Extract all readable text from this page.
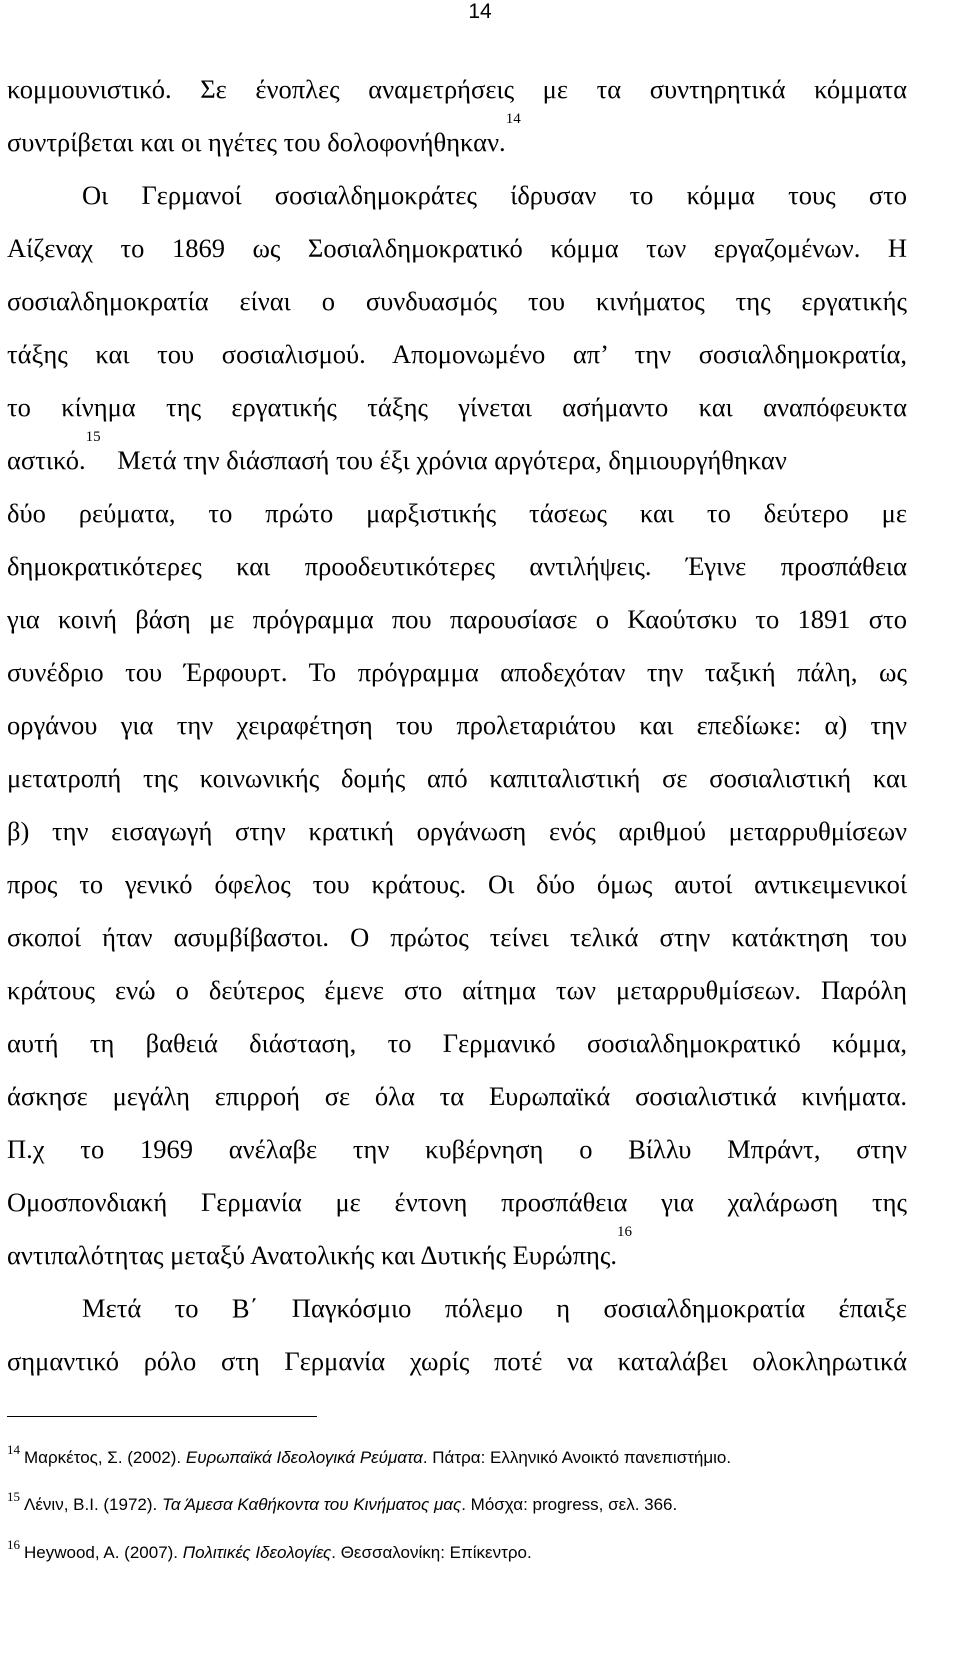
14
κομμουνιστικό. Σε ένοπλες αναμετρήσεις με τα συντηρητικά κόμματα
συντρίβεται και οι ηγέτες του δολοφονήθηκαν.$^{14}$
Οι Γερμανοί σοσιαλδημοκράτες ίδρυσαν το κόμμα τους στο
Αίζεναχ το 1869 ως Σοσιαλδημοκρατικό κόμμα των εργαζομένων. Η
σοσιαλδημοκρατία είναι ο συνδυασμός του κινήματος της εργατικής
τάξης και του σοσιαλισμού. Απομονωμένο απ’ την σοσιαλδημοκρατία,
το κίνημα της εργατικής τάξης γίνεται ασήμαντο και αναπόφευκτα
αστικό.$^{15}$ Μετά την διάσπασή του έξι χρόνια αργότερα, δημιουργήθηκαν
δύο ρεύματα, το πρώτο μαρξιστικής τάσεως και το δεύτερο με
δημοκρατικότερες και προοδευτικότερες αντιλήψεις. Έγινε προσπάθεια
για κοινή βάση με πρόγραμμα που παρουσίασε ο Καούτσκυ το 1891 στο
συνέδριο του Έρφουρτ. Το πρόγραμμα αποδεχόταν την ταξική πάλη, ως
οργάνου για την χειραφέτηση του προλεταριάτου και επεδίωκε: α) την
μετατροπή της κοινωνικής δομής από καπιταλιστική σε σοσιαλιστική και
β) την εισαγωγή στην κρατική οργάνωση ενός αριθμού μεταρρυθμίσεων
προς το γενικό όφελος του κράτους. Οι δύο όμως αυτοί αντικειμενικοί
σκοποί ήταν ασυμβίβαστοι. Ο πρώτος τείνει τελικά στην κατάκτηση του
κράτους ενώ ο δεύτερος έμενε στο αίτημα των μεταρρυθμίσεων. Παρόλη
αυτή τη βαθειά διάσταση, το Γερμανικό σοσιαλδημοκρατικό κόμμα,
άσκησε μεγάλη επιρροή σε όλα τα Ευρωπαϊκά σοσιαλιστικά κινήματα.
Π.χ το 1969 ανέλαβε την κυβέρνηση ο Βίλλυ Μπράντ, στην
Ομοσπονδιακή Γερμανία με έντονη προσπάθεια για χαλάρωση της
αντιπαλότητας μεταξύ Ανατολικής και Δυτικής Ευρώπης.$^{16}$
Μετά το Β΄ Παγκόσμιο πόλεμο η σοσιαλδημοκρατία έπαιξε
σημαντικό ρόλο στη Γερμανία χωρίς ποτέ να καταλάβει ολοκληρωτικά
$^{14}$ Μαρκέτος, Σ. (2002). Ευρωπαϊκά Ιδεολογικά Ρεύματα. Πάτρα: Ελληνικό Ανοικτό πανεπιστήμιο.
$^{15}$ Λένιν, Β.Ι. (1972). Τα Άμεσα Καθήκοντα του Κινήματος μας. Μόσχα: progress, σελ. 366.
$^{16}$ Heywood, A. (2007). Πολιτικές Ιδεολογίες. Θεσσαλονίκη: Επίκεντρο.
